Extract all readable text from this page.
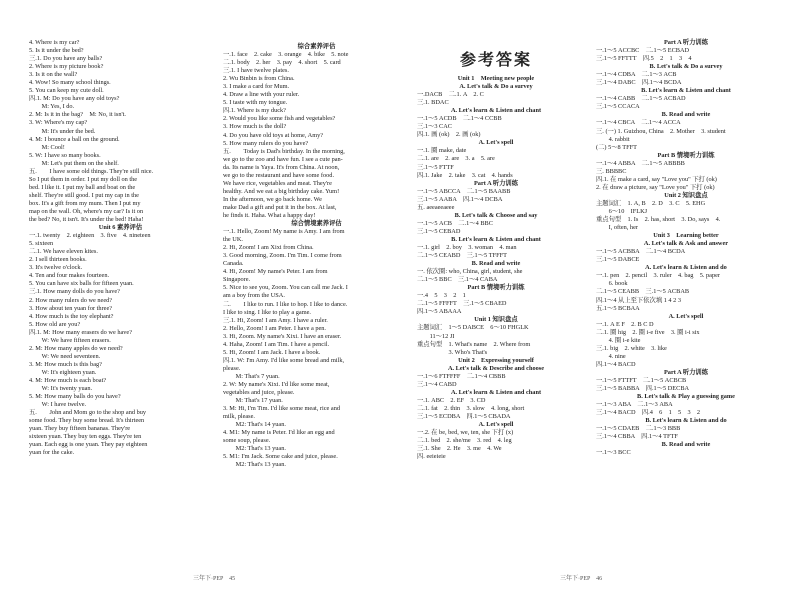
4. Where is my car?
5. Is it under the bed?
三.1. Do you have any balls?
2. Where is my picture book?
3. Is it on the wall?
4. Wow! So many school things.
5. You can keep my cute doll.
四.1. M: Do you have any old toys?
　　M: Yes, I do.
2. M: Is it in the bag?　M: No, it isn't.
3. W: Where's my cap?
　　M: It's under the bed.
4. M: I bounce a ball on the ground.
　　M: Cool!
5. W: I have so many books.
　　M: Let's put them on the shelf.
五.　　I have some old things. They're still nice.
So I put them in order. I put my doll on the
bed. I like it. I put my ball and boat on the
shelf. They're still good. I put my cap in the
box. It's a gift from my mum. Then I put my
map on the wall. Oh, where's my car? Is it on
the bed? No, it isn't. It's under the bed! Haha!
Unit 6 素养评估
一.1. twenty　2. eighteen　3. five　4. nineteen
5. sixteen
二.1. We have eleven kites.
2. I sell thirteen books.
3. It's twelve o'clock.
4. Ten and four makes fourteen.
5. You can have six balls for fifteen yuan.
三.1. How many dolls do you have?
2. How many rulers do we need?
3. How about ten yuan for three?
4. How much is the toy elephant?
5. How old are you?
四.1. M: How many erasers do we have?
　　W: We have fifteen erasers.
2. M: How many apples do we need?
　　W: We need seventeen.
3. M: How much is this bag?
　　W: It's eighteen yuan.
4. M: How much is each boat?
　　W: It's twenty yuan.
5. M: How many balls do you have?
　　W: I have twelve.
五.　　John and Mom go to the shop and buy
some food. They buy some bread. It's thirteen
yuan. They buy fifteen bananas. They're
sixteen yuan. They buy ten eggs. They're ten
yuan. Each egg is one yuan. They pay eighteen
yuan for the cake.
综合素养评估
一.1. face　2. cake　3. orange　4. bike　5. note
二.1. body　2. her　3. pay　4. short　5. card
三.1. I have twelve plates.
2. Wu Binbin is from China.
3. I make a card for Mum.
4. Draw a line with your ruler.
5. I taste with my tongue.
四.1. Where is my duck?
2. Would you like some fish and vegetables?
3. How much is the doll?
4. Do you have old toys at home, Amy?
5. How many rulers do you have?
五.　　Today is Dad's birthday. In the morning,
we go to the zoo and have fun. I see a cute pan-
da. Its name is Yaya. It's from China. At noon,
we go to the restaurant and have some food.
We have rice, vegetables and meat. They're
healthy. And we eat a big birthday cake. Yum!
In the afternoon, we go back home. We
make Dad a gift and put it in the box. At last,
he finds it. Haha. What a happy day!
综合情境素养评估
一.1. Hello, Zoom! My name is Amy. I am from
the UK.
2. Hi, Zoom! I am Xixi from China.
3. Good morning, Zoom. I'm Tim. I come from
Canada.
4. Hi, Zoom! My name's Peter. I am from
Singapore.
5. Nice to see you, Zoom. You can call me Jack. I
am a boy from the USA.
二.　　I like to run. I like to hop. I like to dance.
I like to sing. I like to play a game.
三.1. Hi, Zoom! I am Amy. I have a ruler.
2. Hello, Zoom! I am Peter. I have a pen.
3. Hi, Zoom. My name's Xixi. I have an eraser.
4. Haha, Zoom! I am Tim. I have a pencil.
5. Hi, Zoom! I am Jack. I have a book.
四.1. W: I'm Amy. I'd like some bread and milk,
please.
　　M: That's 7 yuan.
2. W: My name's Xixi. I'd like some meat,
vegetables and juice, please.
　　M: That's 17 yuan.
3. M: Hi, I'm Tim. I'd like some meat, rice and
milk, please.
　　M2: That's 14 yuan.
4. M1: My name is Peter. I'd like an egg and
some soup, please.
　　M2: That's 13 yuan.
5. M1: I'm Jack. Some cake and juice, please.
　　M2: That's 13 yuan.
参考答案
Unit 1　Meeting new people
A. Let's talk & Do a survey
一.DACB　二.1. A　2. C
三.1. BDAC
A. Let's learn & Listen and chant
一.1～5 ACDB　二.1～4 CCBB
三.1～3 CAC
四.1. 画 (ok)　2. 画 (ok)
A. Let's spell
一.1. 圈 make, date
二.1. are　2. are　3. a　5. are
三.1～5 FTTF
四.1. Jake　2. take　3. cat　4. hands
Part A 听力训练
一.1～5 ABCCA　二.1～5 BAABB
三.1～5 AABA　四.1～4 DCBA
五. aeeaeeaeee
B. Let's talk & Choose and say
一.1～5 ACB　二.1～4 BBC
三.1～5 CEBAD
B. Let's learn & Listen and chant
一.1. girl　2. boy　3. woman　4. man
二.1～5 CEABD　三.1～5 TFFFT
B. Read and write
一. 依次圈: who, China, girl, student, she
二.1～5 BBC　三.1～4 CABA
Part B 情境听力训练
一.4　5　3　2　1
二.1～5 FFFFT　三.1～5 CBAED
四.1～5 ABAAA
Unit 1 知识盘点
主题词汇　1～5 DABCE　6～10 FHGLK
　　11～12 JI
重点句型　1. What's name　2. Where from
　　　　　3. Who's That's
Unit 2　Expressing yourself
A. Let's talk & Describe and choose
一.1～6 FTFFFF　二.1～4 CBBB
三.1～4 CABD
A. Let's learn & Listen and chant
一.1. ABC　2. EF　3. CD
二.1. fat　2. thin　3. slow　4. long, short
三.1～5 ECDBA　四.1～5 CBADA
A. Let's spell
一.2. 在 be, bed, we, ten, she 下打 (x)
二.1. bed　2. she/me　3. red　4. leg
三.1. She　2. He　3. me　4. We
四. eeieieie
Part A 听力训练
一.1～5 ACCBC　二.1～5 ECBAD
三.1～5 FFTTT　四.5　2　1　3　4
B. Let's talk & Do a survey
一.1～4 CDBA　二.1～3 ACB
三.1～4 DABC　四.1～4 BCDA
B. Let's learn & Listen and chant
一.1～4 CABB　二.1～5 ACBAD
三.1～5 CCACA
B. Read and write
一.1～4 CBCA　二.1～4 ACCA
三. (一) 1. Guizhou, China　2. Mother　3. student
　　4. rabbit
(二) 5～8 TFFT
Part B 情境听力训练
一.1～4 ABBA　二.1～5 ABBBB
三. BBBBC
四.1. 在 make a card, say "Love you" 下打 (ok)
2. 在 draw a picture, say "Love you" 下打 (ok)
Unit 2 知识盘点
主题词汇　1. A, B　2. D　3. C　5. EHG
　　6～10　IFLKJ
重点句型　1. Is　2. has, short　3. Do, says　4.
　　I, often, her
Unit 3　Learning better
A. Let's talk & Ask and answer
一.1～5 ACBBA　二.1～4 BCDA
三.1～5 DABCE
A. Let's learn & Listen and do
一.1. pen　2. pencil　3. ruler　4. bag　5. paper
　　6. book
二.1～5 CEABB　三.1～5 ACBAB
四.1～4 从上至下依次填 1 4 2 3
五.1～5 BCBAA
A. Let's spell
一.1. A E F　2. B C D
二.1. 圈 hig　2. 圈 i-e five　3. 圈 i-i six
　　4. 圈 i-e kite
三.1. big　2. white　3. like
　　4. nine
四.1～4 BACD
Part A 听力训练
一.1～5 FTTFT　二.1～5 ACBCB
三.1～5 BABBA　四.1～5 DECBA
B. Let's talk & Play a guessing game
一.1～3 ABA　二.1～3 ABA
三.1～4 BACD　四.4　6　1　5　3　2
B. Let's learn & Listen and do
一.1～5 CDAEB　二.1～3 BBB
三.1～4 CBBA　四.1～4 TFTF
B. Read and write
一.1～3 BCC
三年下·PEP　45	三年下·PEP　46
